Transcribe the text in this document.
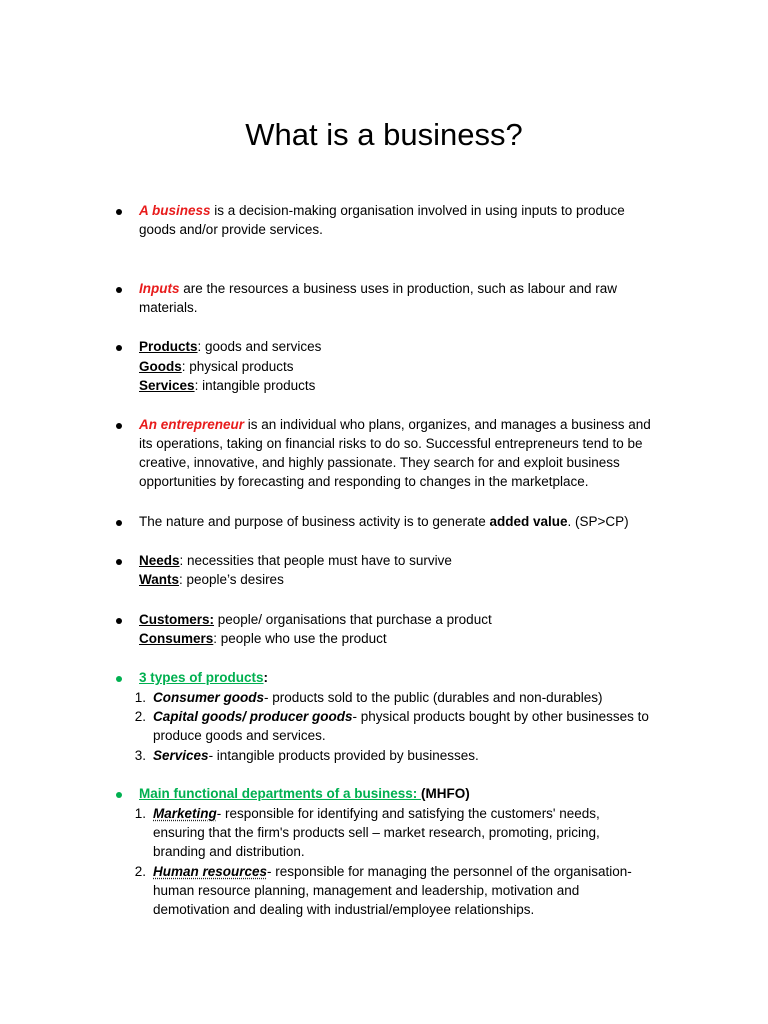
What is a business?
A business is a decision-making organisation involved in using inputs to produce
goods and/or provide services.
Inputs are the resources a business uses in production, such as labour and raw
materials.
Products: goods and services
Goods: physical products
Services: intangible products
An entrepreneur is an individual who plans, organizes, and manages a business and
its operations, taking on financial risks to do so. Successful entrepreneurs tend to be
creative, innovative, and highly passionate. They search for and exploit business
opportunities by forecasting and responding to changes in the marketplace.
The nature and purpose of business activity is to generate added value. (SP>CP)
Needs: necessities that people must have to survive
Wants: people’s desires
Customers: people/ organisations that purchase a product
Consumers: people who use the product
3 types of products:
1. Consumer goods- products sold to the public (durables and non-durables)
2. Capital goods/ producer goods- physical products bought by other businesses to
produce goods and services.
3. Services- intangible products provided by businesses.
Main functional departments of a business: (MHFO)
1. Marketing- responsible for identifying and satisfying the customers' needs,
ensuring that the firm's products sell – market research, promoting, pricing,
branding and distribution.
2. Human resources- responsible for managing the personnel of the organisation-
human resource planning, management and leadership, motivation and
demotivation and dealing with industrial/employee relationships.
